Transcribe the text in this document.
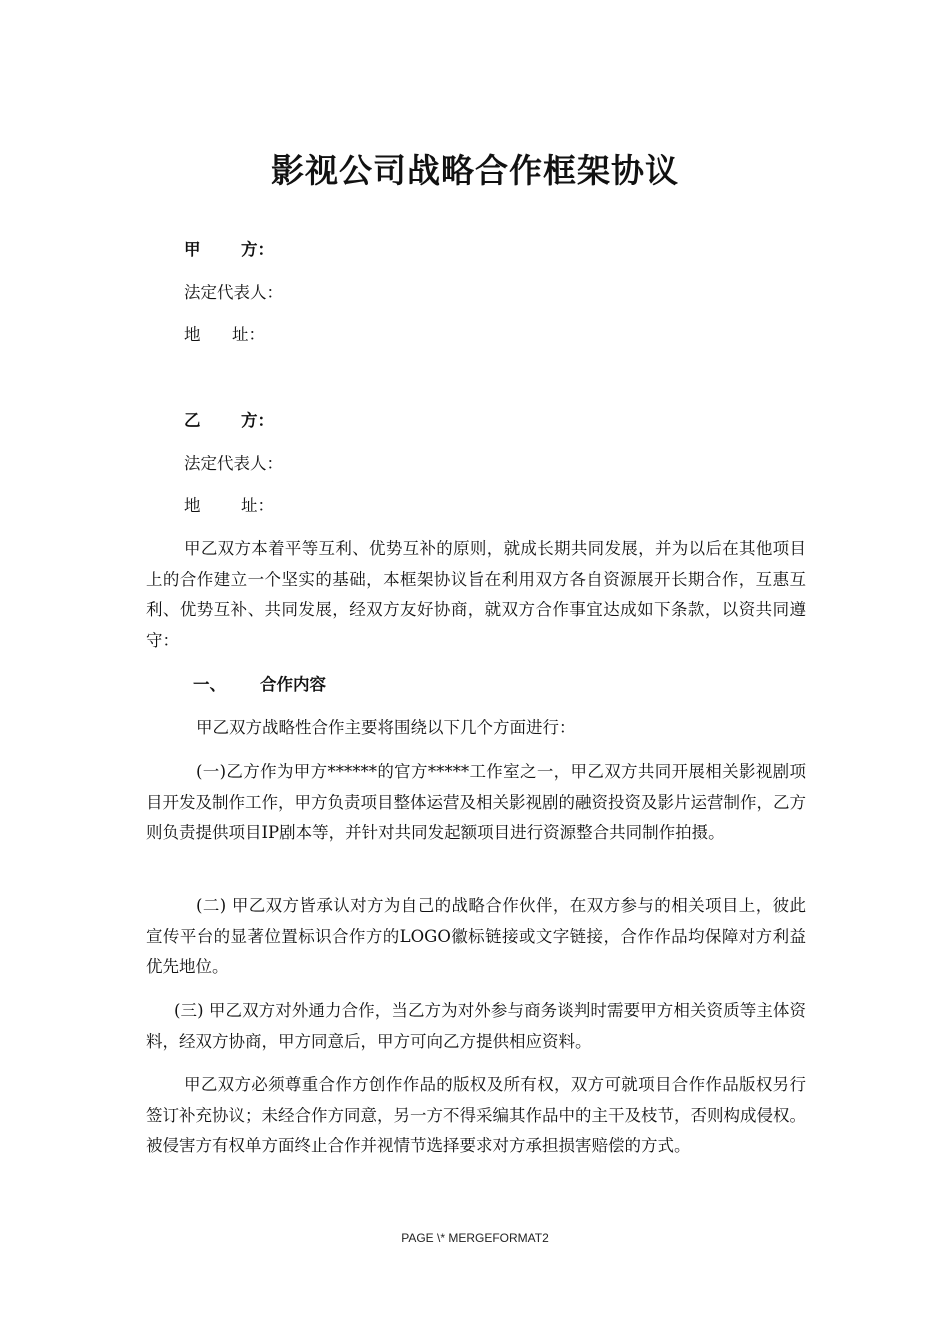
影视公司战略合作框架协议
甲 方：
法定代表人：
地 址：
乙 方：
法定代表人：
地 址：

甲乙双方本着平等互利、优势互补的原则，就成长期共同发展，并为以后在其他项目上的合作建立一个坚实的基础，本框架协议旨在利用双方各自资源展开长期合作，互惠互利、优势互补、共同发展，经双方友好协商，就双方合作事宜达成如下条款，以资共同遵守：

一、 合作内容

甲乙双方战略性合作主要将围绕以下几个方面进行：

(一)乙方作为甲方******的官方*****工作室之一，甲乙双方共同开展相关影视剧项目开发及制作工作，甲方负责项目整体运营及相关影视剧的融资投资及影片运营制作，乙方则负责提供项目IP剧本等，并针对共同发起额项目进行资源整合共同制作拍摄。

(二) 甲乙双方皆承认对方为自己的战略合作伙伴，在双方参与的相关项目上，彼此宣传平台的显著位置标识合作方的LOGO徽标链接或文字链接，合作作品均保障对方利益优先地位。

(三) 甲乙双方对外通力合作，当乙方为对外参与商务谈判时需要甲方相关资质等主体资料，经双方协商，甲方同意后，甲方可向乙方提供相应资料。

甲乙双方必须尊重合作方创作作品的版权及所有权，双方可就项目合作作品版权另行签订补充协议；未经合作方同意，另一方不得采编其作品中的主干及枝节，否则构成侵权。被侵害方有权单方面终止合作并视情节选择要求对方承担损害赔偿的方式。

PAGE \* MERGEFORMAT2
